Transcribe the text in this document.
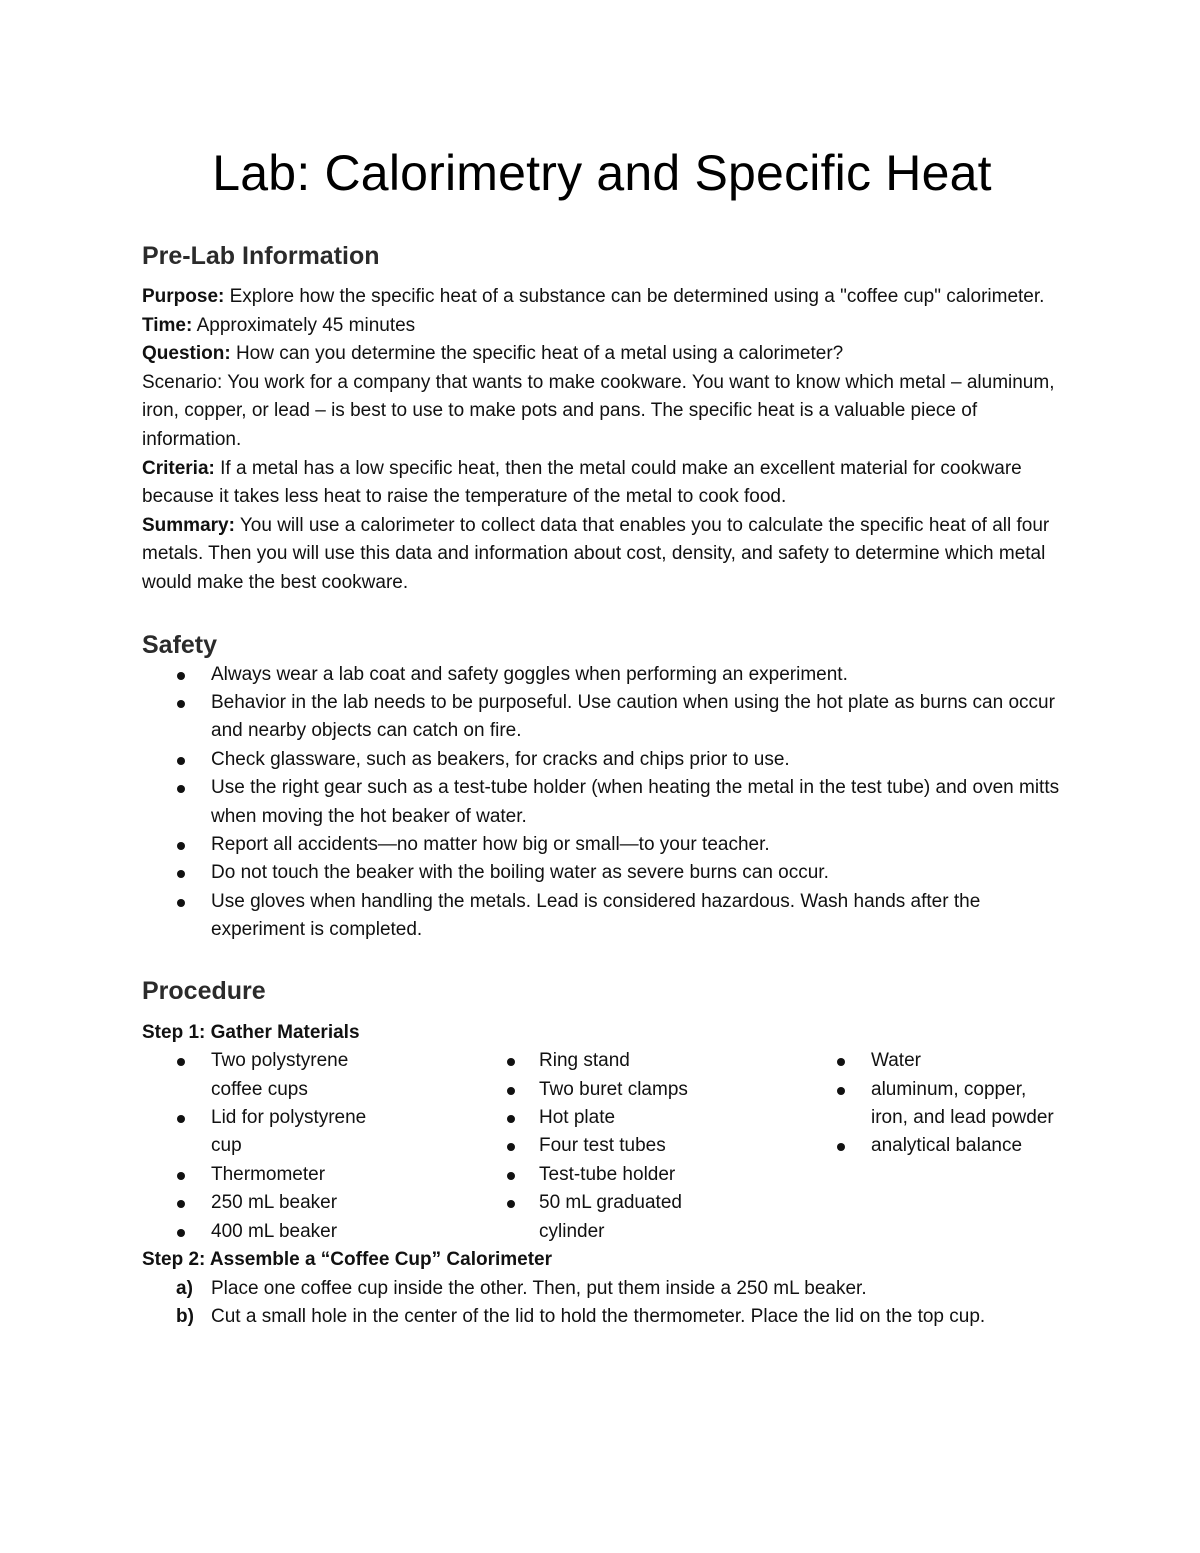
Lab: Calorimetry and Specific Heat
Pre-Lab Information

Purpose: Explore how the specific heat of a substance can be determined using a "coffee cup" calorimeter.

Time: Approximately 45 minutes

Question: How can you determine the specific heat of a metal using a calorimeter?

Scenario: You work for a company that wants to make cookware. You want to know which metal – aluminum, iron, copper, or lead – is best to use to make pots and pans. The specific heat is a valuable piece of information.

Criteria: If a metal has a low specific heat, then the metal could make an excellent material for cookware because it takes less heat to raise the temperature of the metal to cook food.

Summary: You will use a calorimeter to collect data that enables you to calculate the specific heat of all four metals. Then you will use this data and information about cost, density, and safety to determine which metal would make the best cookware.

Safety
Always wear a lab coat and safety goggles when performing an experiment.
Behavior in the lab needs to be purposeful. Use caution when using the hot plate as burns can occur and nearby objects can catch on fire.
Check glassware, such as beakers, for cracks and chips prior to use.
Use the right gear such as a test-tube holder (when heating the metal in the test tube) and oven mitts when moving the hot beaker of water.
Report all accidents—no matter how big or small—to your teacher.
Do not touch the beaker with the boiling water as severe burns can occur.
Use gloves when handling the metals. Lead is considered hazardous. Wash hands after the experiment is completed.
Procedure

Step 1: Gather Materials

Two polystyrene coffee cups
Lid for polystyrene cup
Thermometer
250 mL beaker
400 mL beaker
Ring stand
Two buret clamps
Hot plate
Four test tubes
Test-tube holder
50 mL graduated cylinder
Water
aluminum, copper, iron, and lead powder
analytical balance

Step 2: Assemble a “Coffee Cup” Calorimeter

a) Place one coffee cup inside the other. Then, put them inside a 250 mL beaker.
b) Cut a small hole in the center of the lid to hold the thermometer. Place the lid on the top cup.
